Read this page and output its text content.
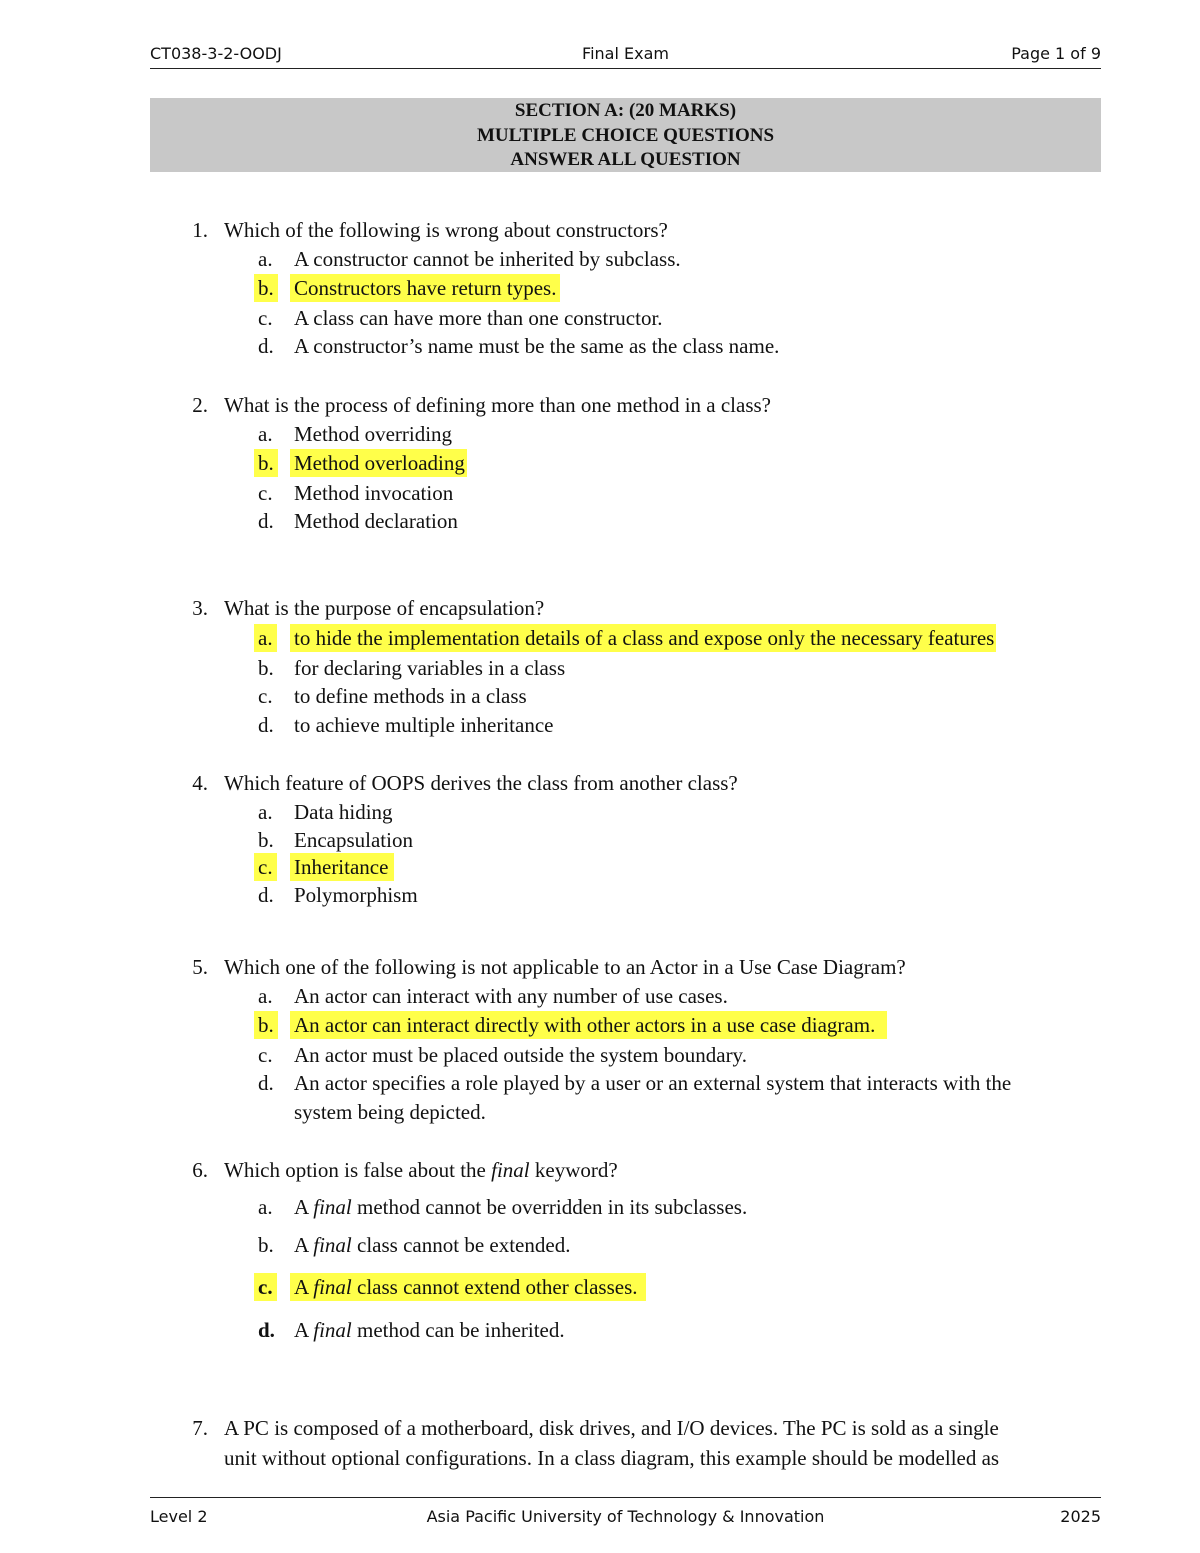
CT038-3-2-OODJ	Final Exam	Page 1 of 9
SECTION A: (20 MARKS)
MULTIPLE CHOICE QUESTIONS
ANSWER ALL QUESTION
1. Which of the following is wrong about constructors?
a. A constructor cannot be inherited by subclass.
b. Constructors have return types.
c. A class can have more than one constructor.
d. A constructor’s name must be the same as the class name.
2. What is the process of defining more than one method in a class?
a. Method overriding
b. Method overloading
c. Method invocation
d. Method declaration
3. What is the purpose of encapsulation?
a. to hide the implementation details of a class and expose only the necessary features
b. for declaring variables in a class
c. to define methods in a class
d. to achieve multiple inheritance
4. Which feature of OOPS derives the class from another class?
a. Data hiding
b. Encapsulation
c. Inheritance
d. Polymorphism
5. Which one of the following is not applicable to an Actor in a Use Case Diagram?
a. An actor can interact with any number of use cases.
b. An actor can interact directly with other actors in a use case diagram.
c. An actor must be placed outside the system boundary.
d. An actor specifies a role played by a user or an external system that interacts with the
system being depicted.
6. Which option is false about the final keyword?
a. A final method cannot be overridden in its subclasses.
b. A final class cannot be extended.
c. A final class cannot extend other classes.
d. A final method can be inherited.
7. A PC is composed of a motherboard, disk drives, and I/O devices. The PC is sold as a single
unit without optional configurations. In a class diagram, this example should be modelled as
Level 2	Asia Pacific University of Technology & Innovation	2025
